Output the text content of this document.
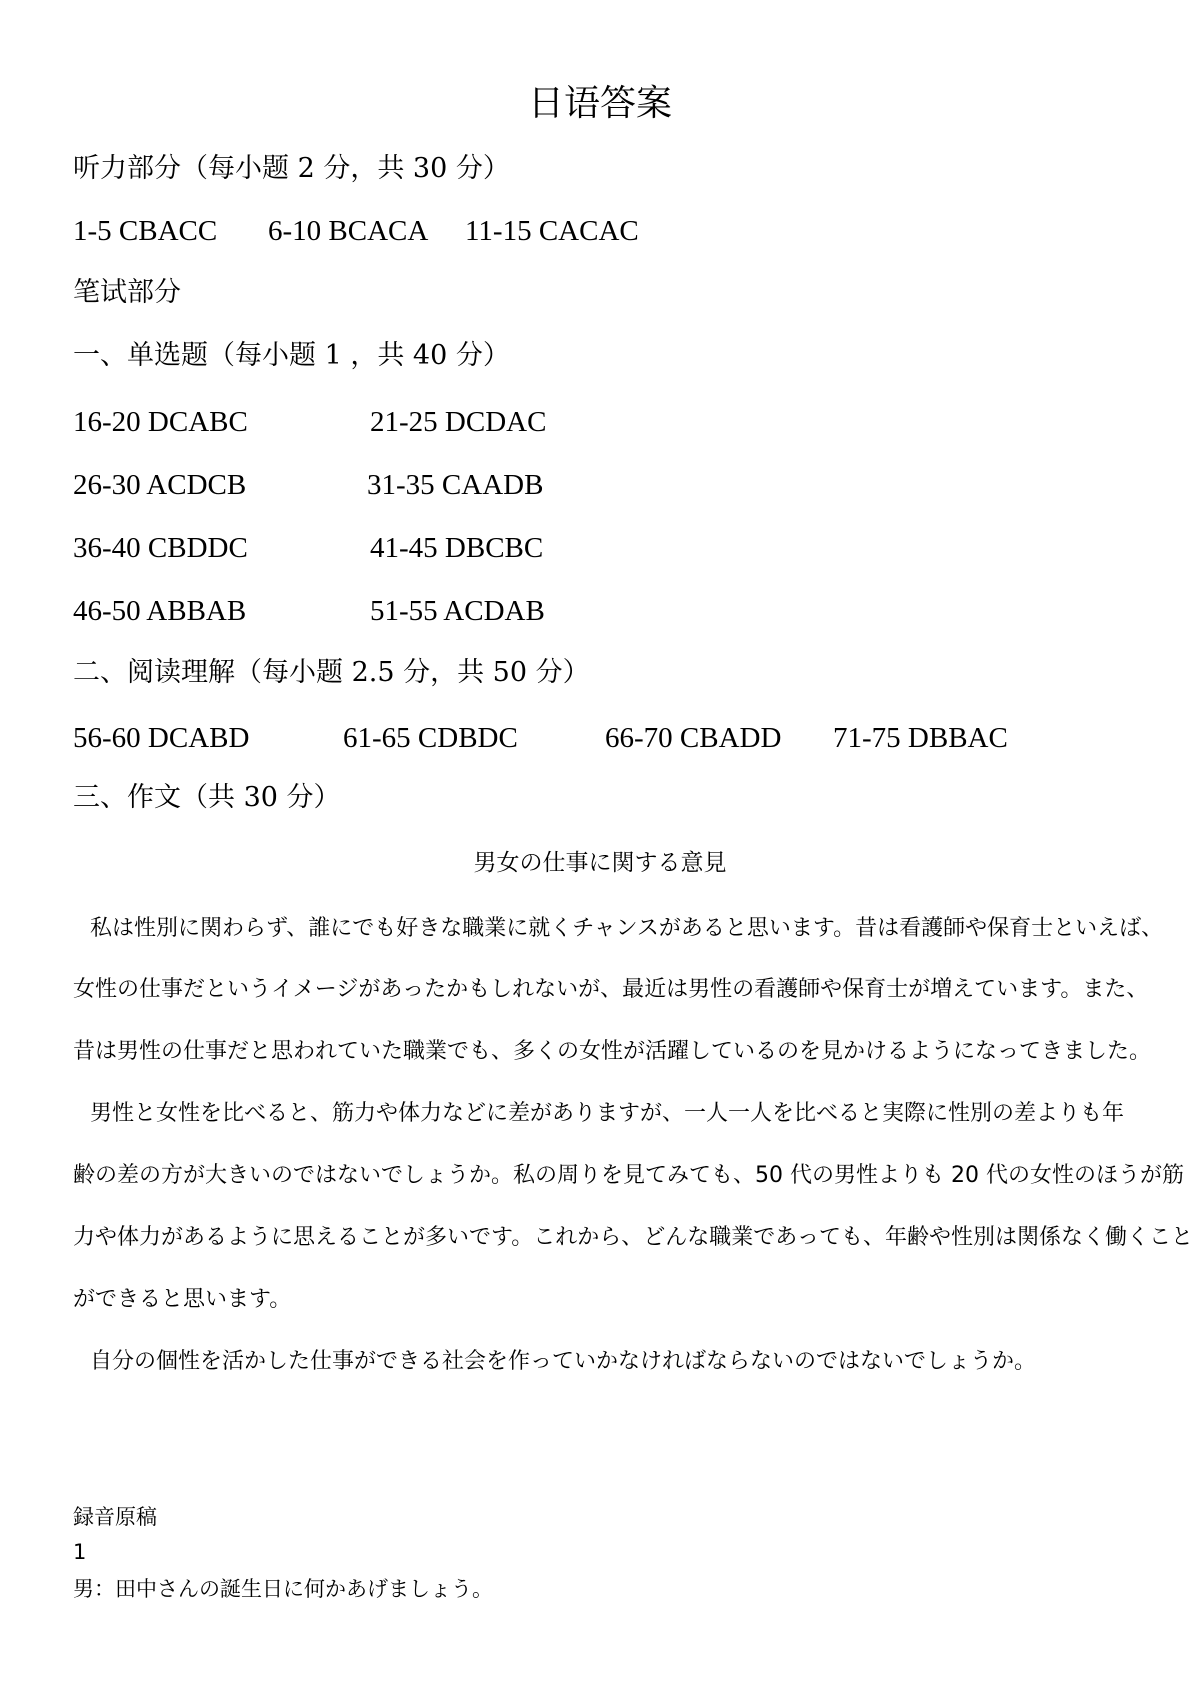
日语答案
听力部分（每小题 2 分，共 30 分）
1-5 CBACC 6-10 BCACA 11-15 CACAC
笔试部分
一、单选题（每小题 1 ，共 40 分）
16-20 DCABC	21-25 DCDAC
26-30 ACDCB	31-35 CAADB
36-40 CBDDC	41-45 DBCBC
46-50 ABBAB	51-55 ACDAB
二、阅读理解（每小题 2.5 分，共 50 分）
56-60 DCABD	61-65 CDBDC	66-70 CBADD 71-75 DBBAC
三、作文（共 30 分）
男女の仕事に関する意見
私は性別に関わらず、誰にでも好きな職業に就くチャンスがあると思います。昔は看護師や保育士といえば、
女性の仕事だというイメージがあったかもしれないが、最近は男性の看護師や保育士が増えています。また、
昔は男性の仕事だと思われていた職業でも、多くの女性が活躍しているのを見かけるようになってきました。
男性と女性を比べると、筋力や体力などに差がありますが、一人一人を比べると実際に性別の差よりも年
齢の差の方が大きいのではないでしょうか。私の周りを見てみても、50 代の男性よりも 20 代の女性のほうが筋
力や体力があるように思えることが多いです。これから、どんな職業であっても、年齢や性別は関係なく働くこと
ができると思います。
自分の個性を活かした仕事ができる社会を作っていかなければならないのではないでしょうか。
録音原稿
1
男：田中さんの誕生日に何かあげましょう。
